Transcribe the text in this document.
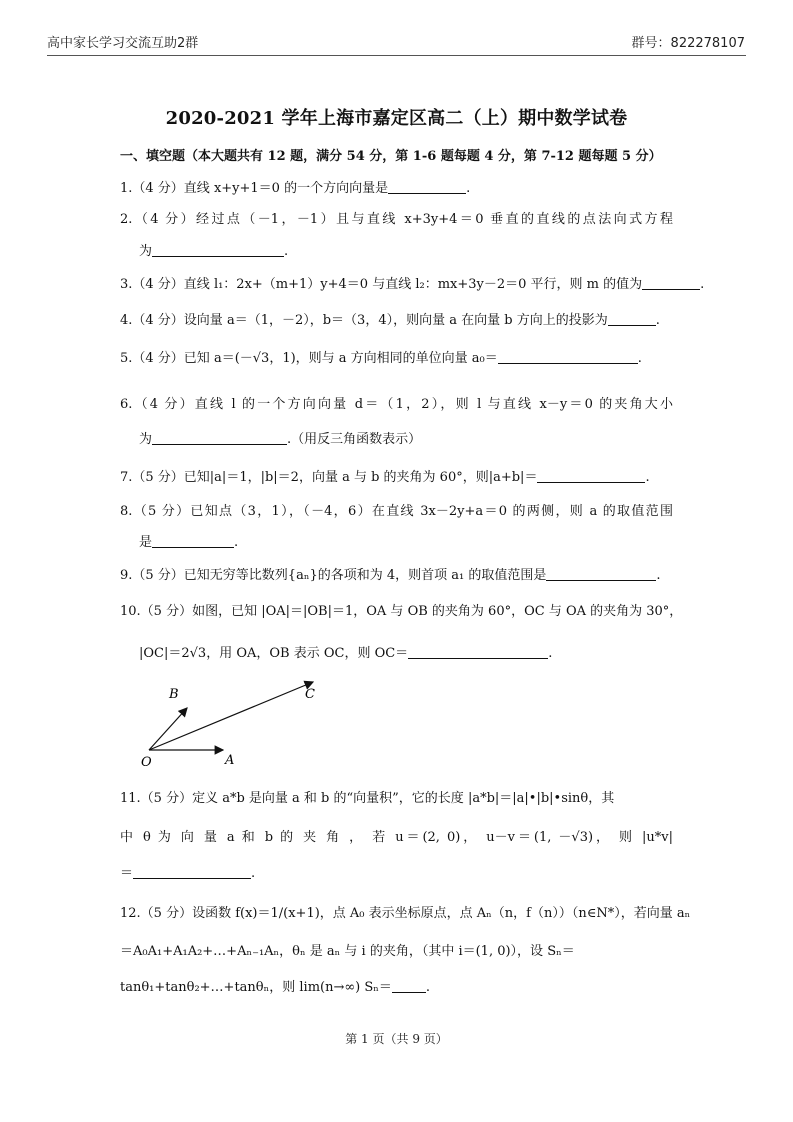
高中家长学习交流互助2群	群号：822278107
2020-2021 学年上海市嘉定区高二（上）期中数学试卷
一、填空题（本大题共有 12 题，满分 54 分，第 1-6 题每题 4 分，第 7-12 题每题 5 分）
1.（4 分）直线 x+y+1＝0 的一个方向向量是	.
2.（4 分）经过点（－1，－1）且与直线 x+3y+4＝0 垂直的直线的点法向式方程
为	.
3.（4 分）直线 l₁：2x+（m+1）y+4＝0 与直线 l₂：mx+3y－2＝0 平行，则 m 的值为	.
4.（4 分）设向量 a＝（1，－2），b＝（3，4），则向量 a 在向量 b 方向上的投影为	.
5.（4 分）已知 a＝(－√3，1)，则与 a 方向相同的单位向量 a₀＝	.
6.（4 分）直线 l 的一个方向向量 d＝（1，2），则 l 与直线 x－y＝0 的夹角大小
为	.（用反三角函数表示）
7.（5 分）已知|a|＝1，|b|＝2，向量 a 与 b 的夹角为 60°，则|a+b|＝	.
8.（5 分）已知点（3，1），（－4，6）在直线 3x－2y+a＝0 的两侧，则 a 的取值范围
是	.
9.（5 分）已知无穷等比数列{aₙ}的各项和为 4，则首项 a₁ 的取值范围是	.
10.（5 分）如图，已知 |OA|＝|OB|＝1，OA 与 OB 的夹角为 60°，OC 与 OA 的夹角为 30°，
|OC|＝2√3，用 OA，OB 表示 OC，则 OC＝	.
B	C
O	A
11.（5 分）定义 a*b 是向量 a 和 b 的“向量积”，它的长度 |a*b|＝|a|•|b|•sinθ，其
中 θ 为 向 量 a 和 b 的 夹 角 ， 若 u＝(2, 0)， u－v＝(1, －√3)， 则 |u*v|
＝	.
12.（5 分）设函数 f(x)＝1/(x+1)，点 A₀ 表示坐标原点，点 Aₙ（n，f（n））（n∈N*），若向量 aₙ
＝A₀A₁+A₁A₂+…+Aₙ₋₁Aₙ，θₙ 是 aₙ 与 i 的夹角，（其中 i＝(1, 0)），设 Sₙ＝
tanθ₁+tanθ₂+…+tanθₙ，则 lim(n→∞) Sₙ＝	.
第 1 页（共 9 页）
